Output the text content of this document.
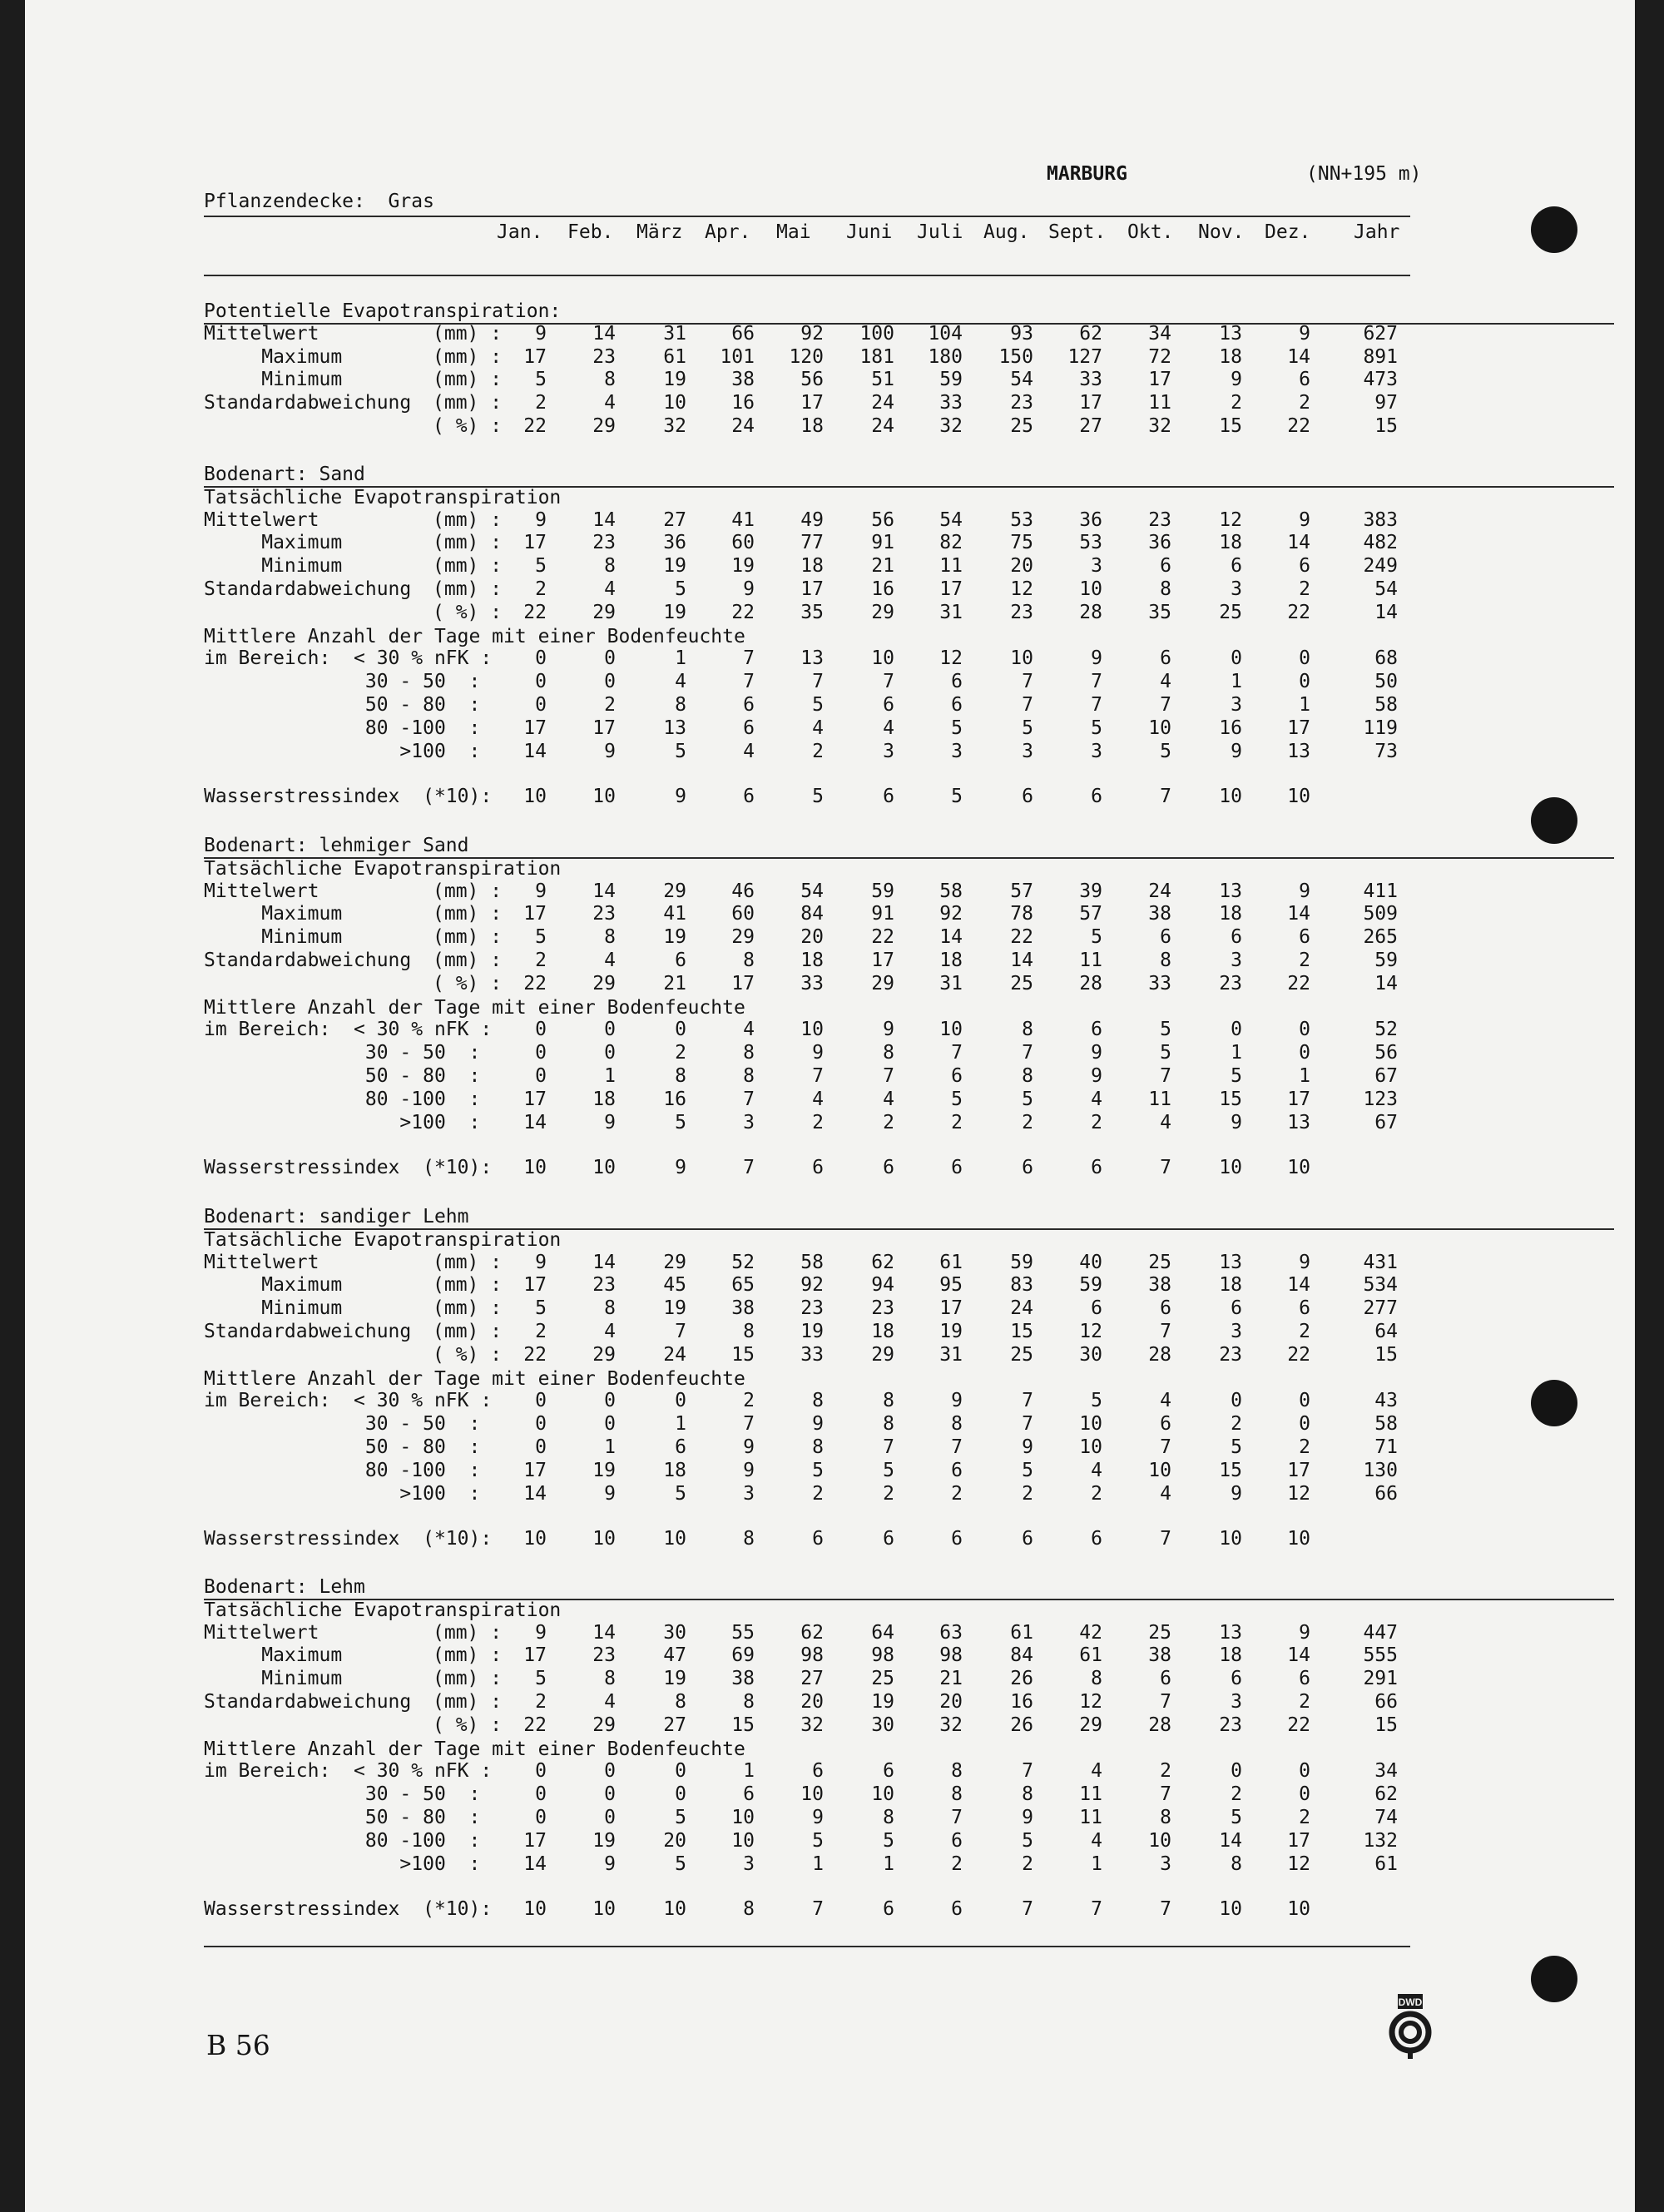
MARBURG	(NN+195 m)
Pflanzendecke:  Gras
Jan. Feb. März Apr. Mai Juni Juli Aug. Sept. Okt. Nov. Dez. Jahr
Potentielle Evapotranspiration:
Mittelwert	(mm) :	9	14	31	66	92	100	104	93	62	34	13	9	627
Maximum	(mm) :	17	23	61	101	120	181	180	150	127	72	18	14	891
Minimum	(mm) :	5	8	19	38	56	51	59	54	33	17	9	6	473
Standardabweichung (mm) :	2	4	10	16	17	24	33	23	17	11	2	2	97
( %) :	22	29	32	24	18	24	32	25	27	32	15	22	15
Bodenart: Sand
Tatsächliche Evapotranspiration
Mittelwert	(mm) :	9	14	27	41	49	56	54	53	36	23	12	9	383
Maximum	(mm) :	17	23	36	60	77	91	82	75	53	36	18	14	482
Minimum	(mm) :	5	8	19	19	18	21	11	20	3	6	6	6	249
Standardabweichung (mm) :	2	4	5	9	17	16	17	12	10	8	3	2	54
( %) :	22	29	19	22	35	29	31	23	28	35	25	22	14
Mittlere Anzahl der Tage mit einer Bodenfeuchte
im Bereich:  < 30 % nFK :	0	0	1	7	13	10	12	10	9	6	0	0	68
30 - 50  :	0	0	4	7	7	7	6	7	7	4	1	0	50
50 - 80  :	0	2	8	6	5	6	6	7	7	7	3	1	58
80 -100  :	17	17	13	6	4	4	5	5	5	10	16	17	119
>100  :	14	9	5	4	2	3	3	3	3	5	9	13	73
Wasserstressindex  (*10):	10	10	9	6	5	6	5	6	6	7	10	10
Bodenart: lehmiger Sand
Tatsächliche Evapotranspiration
Mittelwert	(mm) :	9	14	29	46	54	59	58	57	39	24	13	9	411
Maximum	(mm) :	17	23	41	60	84	91	92	78	57	38	18	14	509
Minimum	(mm) :	5	8	19	29	20	22	14	22	5	6	6	6	265
Standardabweichung (mm) :	2	4	6	8	18	17	18	14	11	8	3	2	59
( %) :	22	29	21	17	33	29	31	25	28	33	23	22	14
Mittlere Anzahl der Tage mit einer Bodenfeuchte
im Bereich:  < 30 % nFK :	0	0	0	4	10	9	10	8	6	5	0	0	52
30 - 50  :	0	0	2	8	9	8	7	7	9	5	1	0	56
50 - 80  :	0	1	8	8	7	7	6	8	9	7	5	1	67
80 -100  :	17	18	16	7	4	4	5	5	4	11	15	17	123
>100  :	14	9	5	3	2	2	2	2	2	4	9	13	67
Wasserstressindex  (*10):	10	10	9	7	6	6	6	6	6	7	10	10
Bodenart: sandiger Lehm
Tatsächliche Evapotranspiration
Mittelwert	(mm) :	9	14	29	52	58	62	61	59	40	25	13	9	431
Maximum	(mm) :	17	23	45	65	92	94	95	83	59	38	18	14	534
Minimum	(mm) :	5	8	19	38	23	23	17	24	6	6	6	6	277
Standardabweichung (mm) :	2	4	7	8	19	18	19	15	12	7	3	2	64
( %) :	22	29	24	15	33	29	31	25	30	28	23	22	15
Mittlere Anzahl der Tage mit einer Bodenfeuchte
im Bereich:  < 30 % nFK :	0	0	0	2	8	8	9	7	5	4	0	0	43
30 - 50  :	0	0	1	7	9	8	8	7	10	6	2	0	58
50 - 80  :	0	1	6	9	8	7	7	9	10	7	5	2	71
80 -100  :	17	19	18	9	5	5	6	5	4	10	15	17	130
>100  :	14	9	5	3	2	2	2	2	2	4	9	12	66
Wasserstressindex  (*10):	10	10	10	8	6	6	6	6	6	7	10	10
Bodenart: Lehm
Tatsächliche Evapotranspiration
Mittelwert	(mm) :	9	14	30	55	62	64	63	61	42	25	13	9	447
Maximum	(mm) :	17	23	47	69	98	98	98	84	61	38	18	14	555
Minimum	(mm) :	5	8	19	38	27	25	21	26	8	6	6	6	291
Standardabweichung (mm) :	2	4	8	8	20	19	20	16	12	7	3	2	66
( %) :	22	29	27	15	32	30	32	26	29	28	23	22	15
Mittlere Anzahl der Tage mit einer Bodenfeuchte
im Bereich:  < 30 % nFK :	0	0	0	1	6	6	8	7	4	2	0	0	34
30 - 50  :	0	0	0	6	10	10	8	8	11	7	2	0	62
50 - 80  :	0	0	5	10	9	8	7	9	11	8	5	2	74
80 -100  :	17	19	20	10	5	5	6	5	4	10	14	17	132
>100  :	14	9	5	3	1	1	2	2	1	3	8	12	61
Wasserstressindex  (*10):	10	10	10	8	7	6	6	7	7	7	10	10
B 56
DWD
